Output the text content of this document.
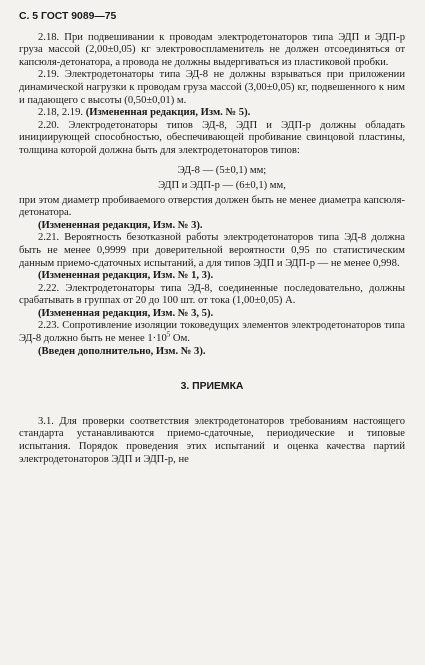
С. 5 ГОСТ 9089—75

2.18. При подвешивании к проводам электродетонаторов типа ЭДП и ЭДП-р груза массой (2,00±0,05) кг электровоспламенитель не должен отсоединяться от капсюля-детонатора, а провода не должны выдергиваться из пластиковой пробки.

2.19. Электродетонаторы типа ЭД-8 не должны взрываться при приложении динамической нагрузки к проводам груза массой (3,00±0,05) кг, подвешенного к ним и падающего с высоты (0,50±0,01) м.

2.18, 2.19. (Измененная редакция, Изм. № 5).

2.20. Электродетонаторы типов ЭД-8, ЭДП и ЭДП-р должны обладать инициирующей способностью, обеспечивающей пробивание свинцовой пластины, толщина которой должна быть для электродетонаторов типов:

ЭД-8 — (5±0,1) мм;
ЭДП и ЭДП-р — (6±0,1) мм,

при этом диаметр пробиваемого отверстия должен быть не менее диаметра капсюля-детонатора.

(Измененная редакция, Изм. № 3).

2.21. Вероятность безотказной работы электродетонаторов типа ЭД-8 должна быть не менее 0,9999 при доверительной вероятности 0,95 по статистическим данным приемо-сдаточных испытаний, а для типов ЭДП и ЭДП-р — не менее 0,998.

(Измененная редакция, Изм. № 1, 3).

2.22. Электродетонаторы типа ЭД-8, соединенные последовательно, должны срабатывать в группах от 20 до 100 шт. от тока (1,00±0,05) А.

(Измененная редакция, Изм. № 3, 5).

2.23. Сопротивление изоляции токоведущих элементов электродетонаторов типа ЭД-8 должно быть не менее $1\cdot 10^5$ Ом.

(Введен дополнительно, Изм. № 3).

3. ПРИЕМКА

3.1. Для проверки соответствия электродетонаторов требованиям настоящего стандарта устанавливаются приемо-сдаточные, периодические и типовые испытания. Порядок проведения этих испытаний и оценка качества партий электродетонаторов ЭДП и ЭДП-р, не
